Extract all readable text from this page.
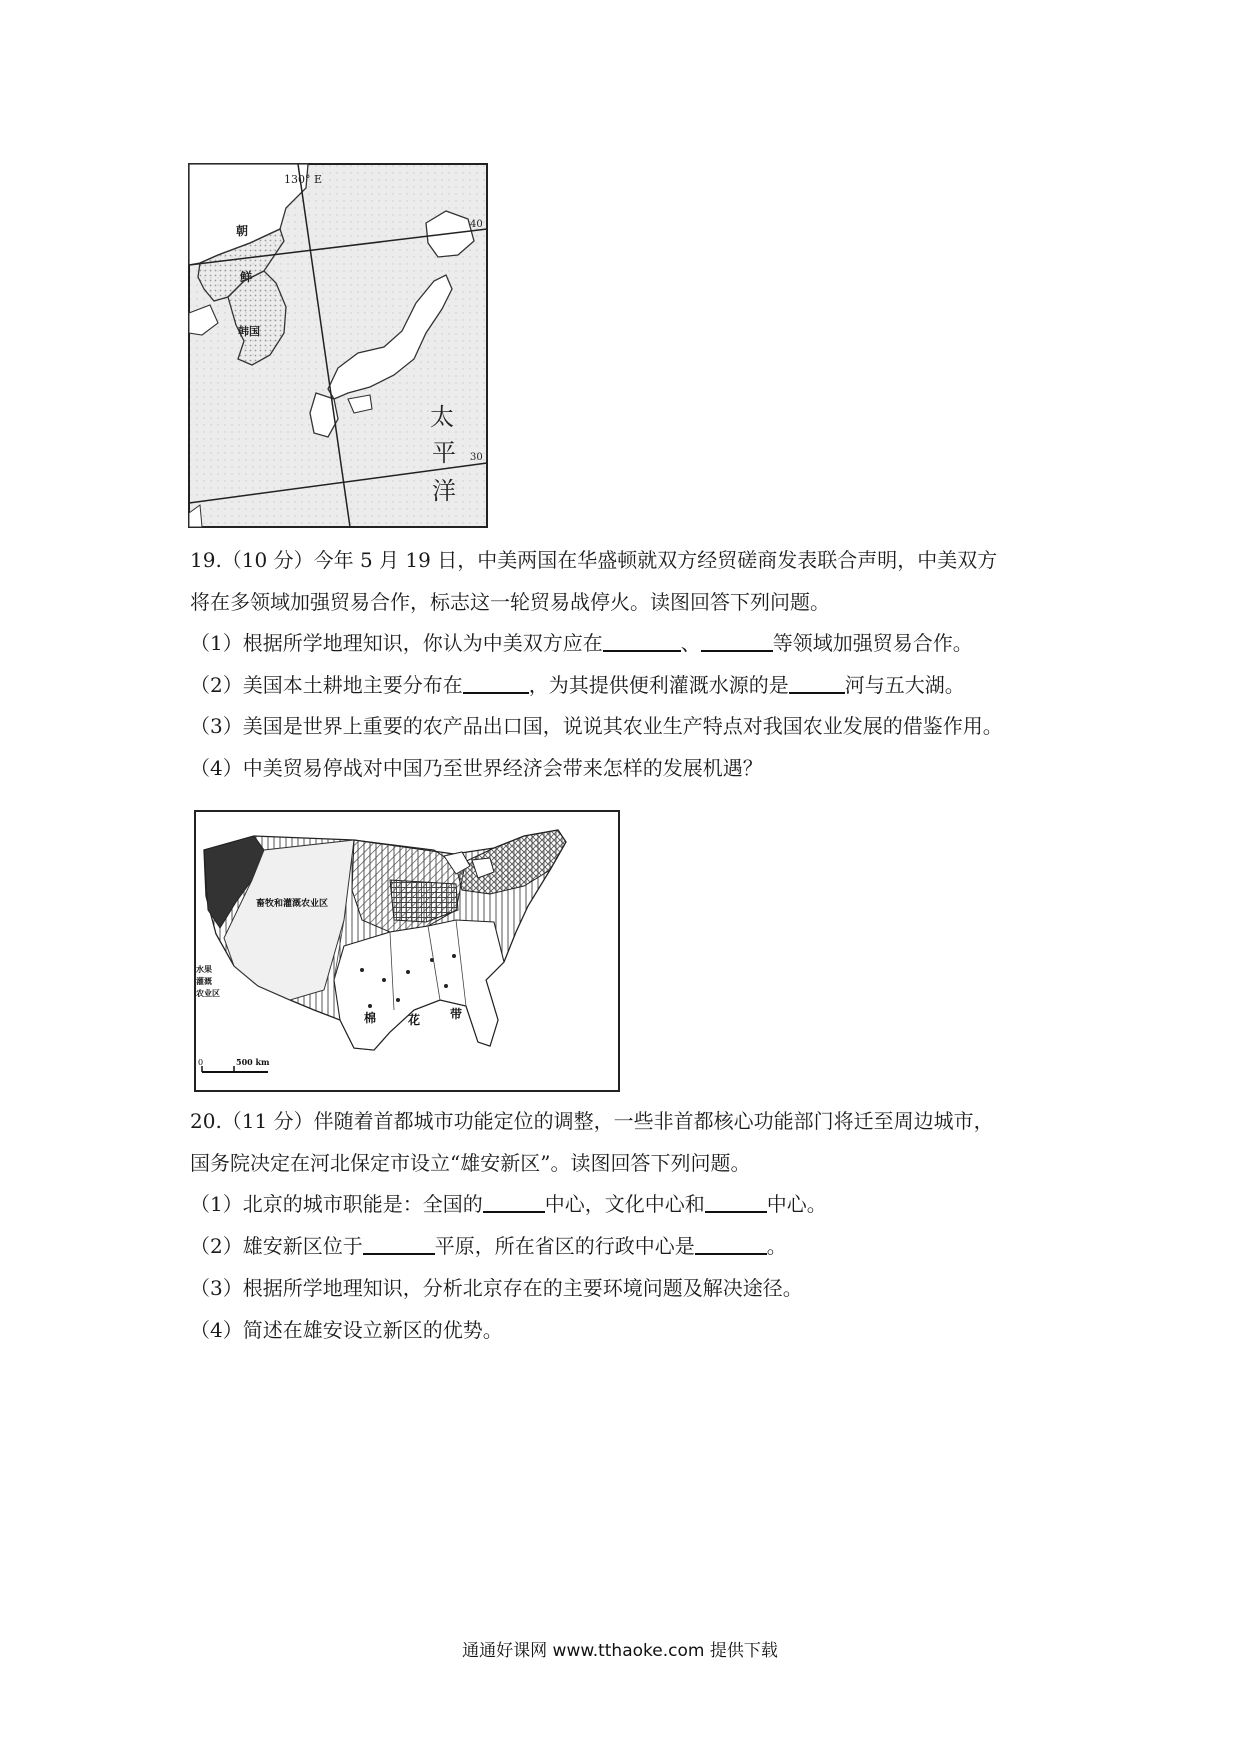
130° E
40
30
朝
鲜
韩国
太
平
洋
19.（10 分）今年 5 月 19 日，中美两国在华盛顿就双方经贸磋商发表联合声明，中美双方
将在多领域加强贸易合作，标志这一轮贸易战停火。读图回答下列问题。
（1）根据所学地理知识，你认为中美双方应在	、	等领域加强贸易合作。
（2）美国本土耕地主要分布在	，为其提供便利灌溉水源的是	河与五大湖。
（3）美国是世界上重要的农产品出口国，说说其农业生产特点对我国农业发展的借鉴作用。
（4）中美贸易停战对中国乃至世界经济会带来怎样的发展机遇？
畜牧和灌溉农业区
水果
灌溉
农业区
棉	花 带
0	500 km
20.（11 分）伴随着首都城市功能定位的调整，一些非首都核心功能部门将迁至周边城市，
国务院决定在河北保定市设立“雄安新区”。读图回答下列问题。
（1）北京的城市职能是：全国的	中心，文化中心和	中心。
（2）雄安新区位于	平原，所在省区的行政中心是	。
（3）根据所学地理知识，分析北京存在的主要环境问题及解决途径。
（4）简述在雄安设立新区的优势。
通通好课网 www.tthaoke.com 提供下载
